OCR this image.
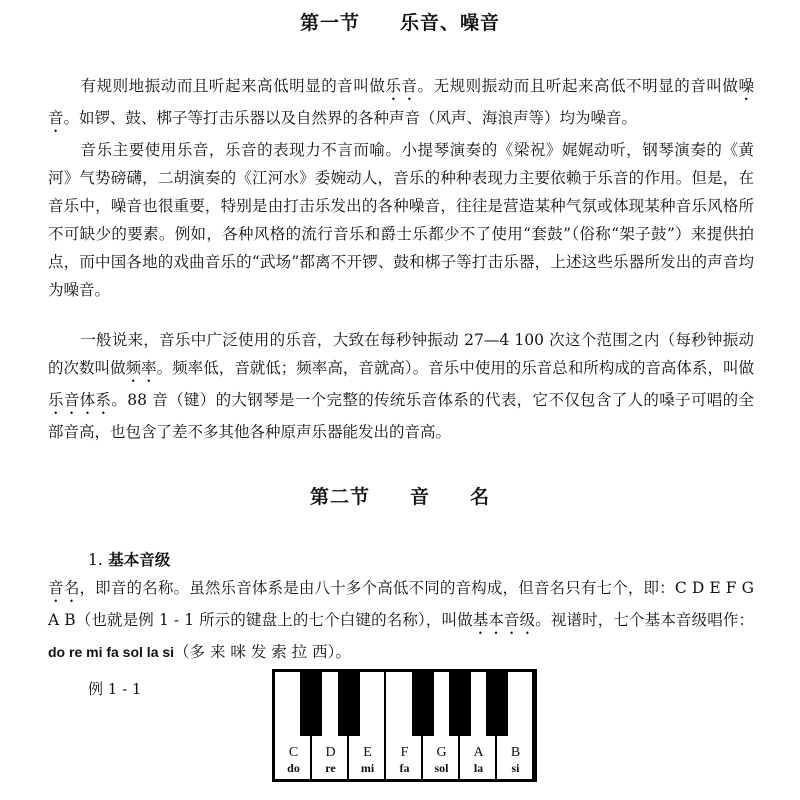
第一节 乐音、噪音
有规则地振动而且听起来高低明显的音叫做乐音。无规则振动而且听起来高低不明显的音叫做噪音。如锣、鼓、梆子等打击乐器以及自然界的各种声音（风声、海浪声等）均为噪音。
音乐主要使用乐音，乐音的表现力不言而喻。小提琴演奏的《梁祝》娓娓动听，钢琴演奏的《黄河》气势磅礴，二胡演奏的《江河水》委婉动人，音乐的种种表现力主要依赖于乐音的作用。但是，在音乐中，噪音也很重要，特别是由打击乐发出的各种噪音，往往是营造某种气氛或体现某种音乐风格所不可缺少的要素。例如，各种风格的流行音乐和爵士乐都少不了使用“套鼓”（俗称“架子鼓”）来提供拍点，而中国各地的戏曲音乐的“武场”都离不开锣、鼓和梆子等打击乐器，上述这些乐器所发出的声音均为噪音。
一般说来，音乐中广泛使用的乐音，大致在每秒钟振动 27—4 100 次这个范围之内（每秒钟振动的次数叫做频率。频率低，音就低；频率高，音就高）。音乐中使用的乐音总和所构成的音高体系，叫做乐音体系。88 音（键）的大钢琴是一个完整的传统乐音体系的代表，它不仅包含了人的嗓子可唱的全部音高，也包含了差不多其他各种原声乐器能发出的音高。
第二节 音 名
1. 基本音级
音名，即音的名称。虽然乐音体系是由八十多个高低不同的音构成，但音名只有七个，即：C D E F G A B（也就是例 1 - 1 所示的键盘上的七个白键的名称），叫做基本音级。视谱时，七个基本音级唱作：do re mi fa sol la si（多 来 咪 发 索 拉 西）。
例 1 - 1
C
do
D
re
E
mi
F
fa
G
sol
A
la
B
si
